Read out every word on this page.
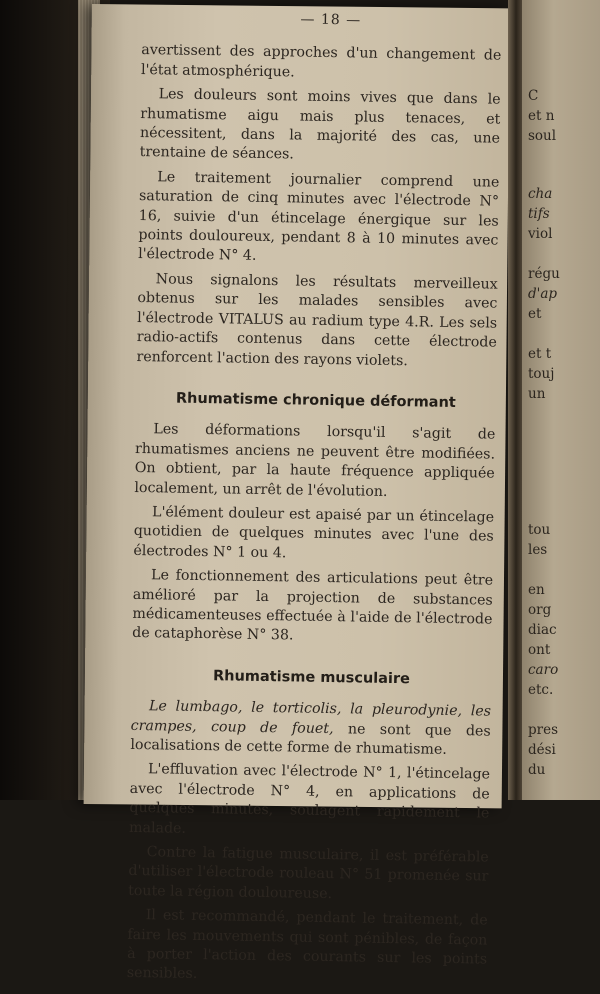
— 18 —

avertissent des approches d'un changement de l'état atmosphérique.

Les douleurs sont moins vives que dans le rhumatisme aigu mais plus tenaces, et nécessitent, dans la majorité des cas, une trentaine de séances.

Le traitement journalier comprend une saturation de cinq minutes avec l'électrode N° 16, suivie d'un étincelage énergique sur les points douloureux, pendant 8 à 10 minutes avec l'électrode N° 4.

Nous signalons les résultats merveilleux obtenus sur les malades sensibles avec l'électrode VITALUS au radium type 4.R. Les sels radio-actifs contenus dans cette électrode renforcent l'action des rayons violets.

Rhumatisme chronique déformant

Les déformations lorsqu'il s'agit de rhumatismes anciens ne peuvent être modifiées. On obtient, par la haute fréquence appliquée localement, un arrêt de l'évolution.

L'élément douleur est apaisé par un étincelage quotidien de quelques minutes avec l'une des électrodes N° 1 ou 4.

Le fonctionnement des articulations peut être amélioré par la projection de substances médicamenteuses effectuée à l'aide de l'électrode de cataphorèse N° 38.

Rhumatisme musculaire

Le lumbago, le torticolis, la pleurodynie, les crampes, coup de fouet, ne sont que des localisations de cette forme de rhumatisme.

L'effluvation avec l'électrode N° 1, l'étincelage avec l'électrode N° 4, en applications de quelques minutes, soulagent rapidement le malade.

Contre la fatigue musculaire, il est préférable d'utiliser l'électrode rouleau N° 51 promenée sur toute la région douloureuse.

Il est recommandé, pendant le traitement, de faire les mouvements qui sont pénibles, de façon à porter l'action des courants sur les points sensibles.

C
et n
soul
cha
tifs
viol
régu
d'ap
et
et t
touj
un
tou
les
en
org
diac
ont
caro
etc.
pres
dési
du
